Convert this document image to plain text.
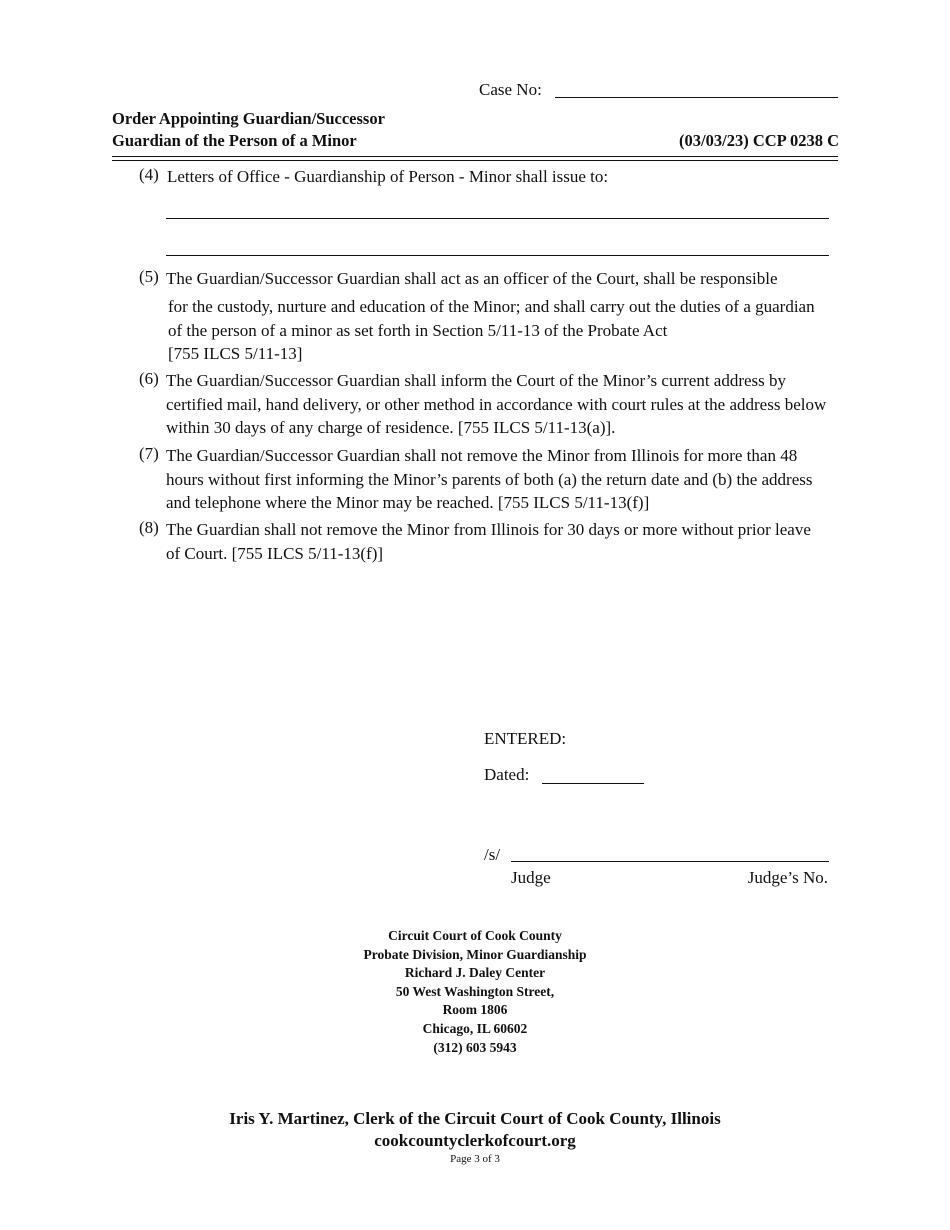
Case No:
Order Appointing Guardian/Successor
Guardian of the Person of a Minor	(03/03/23) CCP 0238 C
(4) Letters of Office - Guardianship of Person - Minor shall issue to:
(5) The Guardian/Successor Guardian shall act as an officer of the Court, shall be responsible
for the custody, nurture and education of the Minor; and shall carry out the duties of a guardian of the person of a minor as set forth in Section 5/11-13 of the Probate Act
[755 ILCS 5/11-13]
(6) The Guardian/Successor Guardian shall inform the Court of the Minor’s current address by certified mail, hand delivery, or other method in accordance with court rules at the address below within 30 days of any charge of residence. [755 ILCS 5/11-13(a)].
(7) The Guardian/Successor Guardian shall not remove the Minor from Illinois for more than 48 hours without first informing the Minor’s parents of both (a) the return date and (b) the address and telephone where the Minor may be reached. [755 ILCS 5/11-13(f)]
(8) The Guardian shall not remove the Minor from Illinois for 30 days or more without prior leave of Court. [755 ILCS 5/11-13(f)]
ENTERED:
Dated:
/s/
Judge	Judge’s No.
Circuit Court of Cook County
Probate Division, Minor Guardianship
Richard J. Daley Center
50 West Washington Street,
Room 1806
Chicago, IL 60602
(312) 603 5943
Iris Y. Martinez, Clerk of the Circuit Court of Cook County, Illinois
cookcountyclerkofcourt.org
Page 3 of 3
